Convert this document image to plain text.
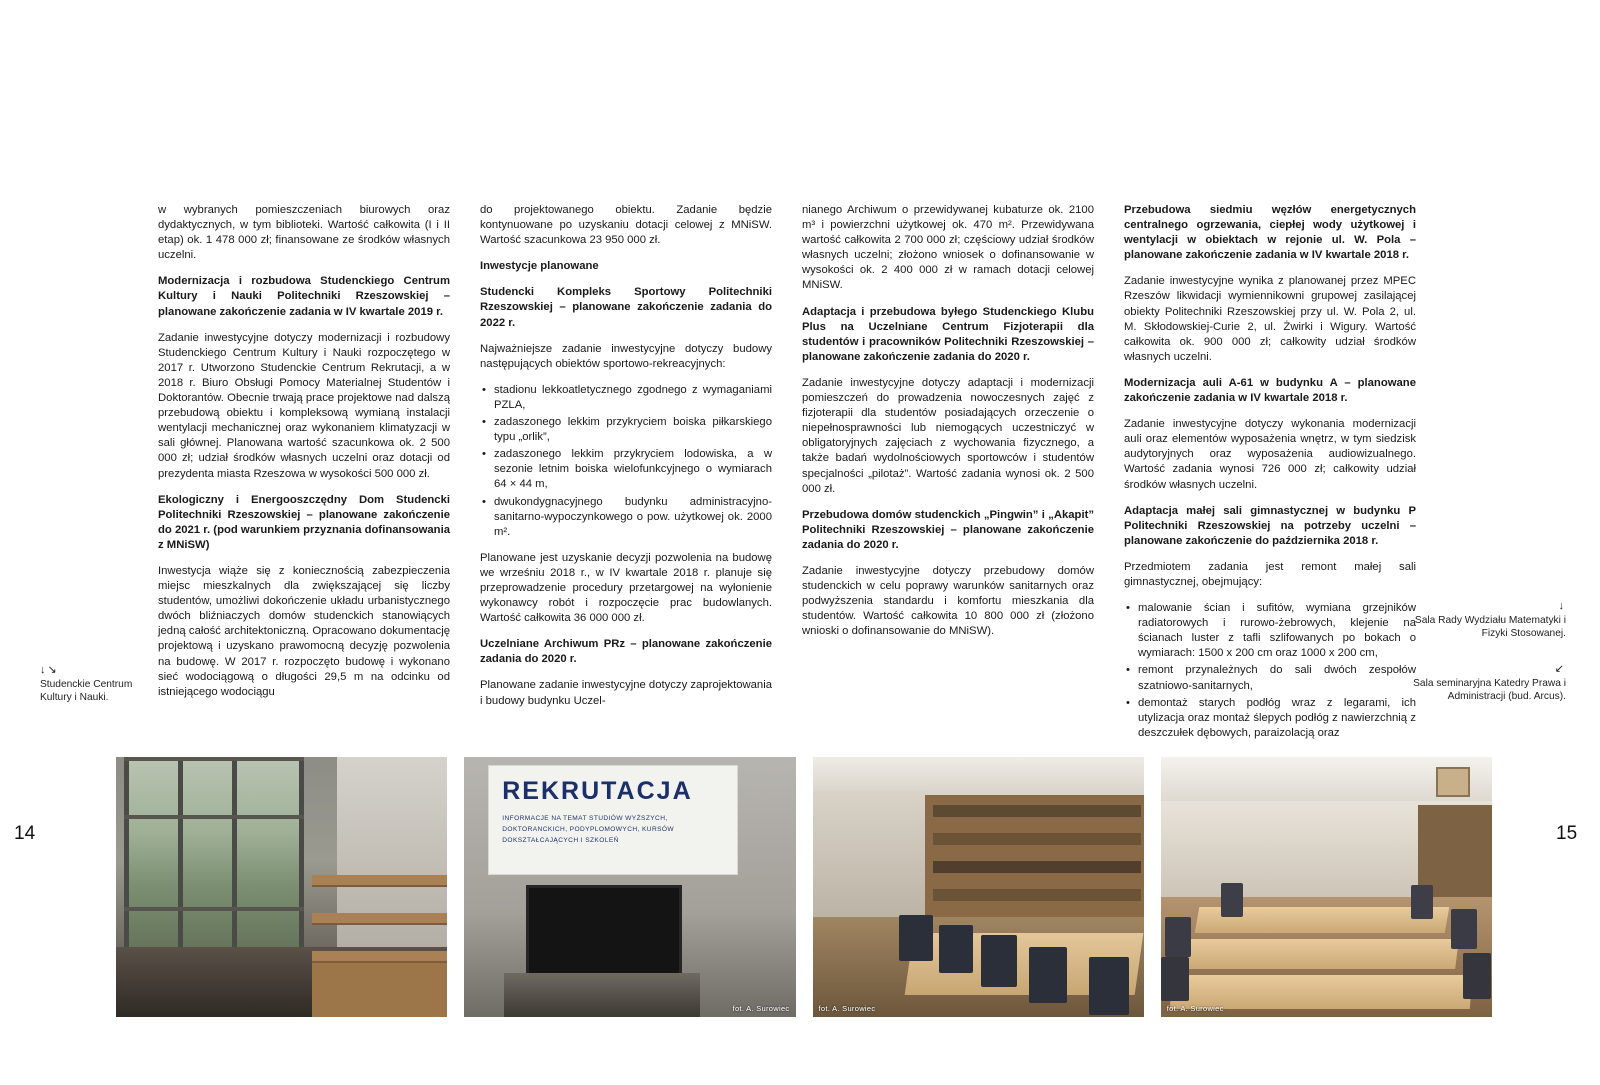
14	15

w wybranych pomieszczeniach biurowych oraz dydaktycznych, w tym biblioteki. Wartość całkowita (I i II etap) ok. 1 478 000 zł; finansowane ze środków własnych uczelni.

Modernizacja i rozbudowa Studenckiego Centrum Kultury i Nauki Politechniki Rzeszowskiej – planowane zakończenie zadania w IV kwartale 2019 r.

Zadanie inwestycyjne dotyczy modernizacji i rozbudowy Studenckiego Centrum Kultury i Nauki rozpoczętego w 2017 r. Utworzono Studenckie Centrum Rekrutacji, a w 2018 r. Biuro Obsługi Pomocy Materialnej Studentów i Doktorantów. Obecnie trwają prace projektowe nad dalszą przebudową obiektu i kompleksową wymianą instalacji wentylacji mechanicznej oraz wykonaniem klimatyzacji w sali głównej. Planowana wartość szacunkowa ok. 2 500 000 zł; udział środków własnych uczelni oraz dotacji od prezydenta miasta Rzeszowa w wysokości 500 000 zł.

Ekologiczny i Energooszczędny Dom Studencki Politechniki Rzeszowskiej – planowane zakończenie do 2021 r. (pod warunkiem przyznania dofinansowania z MNiSW)

Inwestycja wiąże się z koniecznością zabezpieczenia miejsc mieszkalnych dla zwiększającej się liczby studentów, umożliwi dokończenie układu urbanistycznego dwóch bliźniaczych domów studenckich stanowiących jedną całość architektoniczną. Opracowano dokumentację projektową i uzyskano prawomocną decyzję pozwolenia na budowę. W 2017 r. rozpoczęto budowę i wykonano sieć wodociągową o długości 29,5 m na odcinku od istniejącego wodociągu

do projektowanego obiektu. Zadanie będzie kontynuowane po uzyskaniu dotacji celowej z MNiSW. Wartość szacunkowa 23 950 000 zł.

Inwestycje planowane

Studencki Kompleks Sportowy Politechniki Rzeszowskiej – planowane zakończenie zadania do 2022 r.

Najważniejsze zadanie inwestycyjne dotyczy budowy następujących obiektów sportowo-rekreacyjnych:

• stadionu lekkoatletycznego zgodnego z wymaganiami PZLA,
• zadaszonego lekkim przykryciem boiska piłkarskiego typu „orlik”,
• zadaszonego lekkim przykryciem lodowiska, a w sezonie letnim boiska wielofunkcyjnego o wymiarach 64 × 44 m,
• dwukondygnacyjnego budynku administracyjno-sanitarno-wypoczynkowego o pow. użytkowej ok. 2000 m².

Planowane jest uzyskanie decyzji pozwolenia na budowę we wrześniu 2018 r., w IV kwartale 2018 r. planuje się przeprowadzenie procedury przetargowej na wyłonienie wykonawcy robót i rozpoczęcie prac budowlanych. Wartość całkowita 36 000 000 zł.

Uczelniane Archiwum PRz – planowane zakończenie zadania do 2020 r.

Planowane zadanie inwestycyjne dotyczy zaprojektowania i budowy budynku Uczel-

nianego Archiwum o przewidywanej kubaturze ok. 2100 m³ i powierzchni użytkowej ok. 470 m². Przewidywana wartość całkowita 2 700 000 zł; częściowy udział środków własnych uczelni; złożono wniosek o dofinansowanie w wysokości ok. 2 400 000 zł w ramach dotacji celowej MNiSW.

Adaptacja i przebudowa byłego Studenckiego Klubu Plus na Uczelniane Centrum Fizjoterapii dla studentów i pracowników Politechniki Rzeszowskiej – planowane zakończenie zadania do 2020 r.

Zadanie inwestycyjne dotyczy adaptacji i modernizacji pomieszczeń do prowadzenia nowoczesnych zajęć z fizjoterapii dla studentów posiadających orzeczenie o niepełnosprawności lub niemogących uczestniczyć w obligatoryjnych zajęciach z wychowania fizycznego, a także badań wydolnościowych sportowców i studentów specjalności „pilotaż”. Wartość zadania wynosi ok. 2 500 000 zł.

Przebudowa domów studenckich „Pingwin” i „Akapit” Politechniki Rzeszowskiej – planowane zakończenie zadania do 2020 r.

Zadanie inwestycyjne dotyczy przebudowy domów studenckich w celu poprawy warunków sanitarnych oraz podwyższenia standardu i komfortu mieszkania dla studentów. Wartość całkowita 10 800 000 zł (złożono wnioski o dofinansowanie do MNiSW).

Przebudowa siedmiu węzłów energetycznych centralnego ogrzewania, ciepłej wody użytkowej i wentylacji w obiektach w rejonie ul. W. Pola – planowane zakończenie zadania w IV kwartale 2018 r.

Zadanie inwestycyjne wynika z planowanej przez MPEC Rzeszów likwidacji wymiennikowni grupowej zasilającej obiekty Politechniki Rzeszowskiej przy ul. W. Pola 2, ul. M. Skłodowskiej-Curie 2, ul. Żwirki i Wigury. Wartość całkowita ok. 900 000 zł; całkowity udział środków własnych uczelni.

Modernizacja auli A-61 w budynku A – planowane zakończenie zadania w IV kwartale 2018 r.

Zadanie inwestycyjne dotyczy wykonania modernizacji auli oraz elementów wyposażenia wnętrz, w tym siedzisk audytoryjnych oraz wyposażenia audiowizualnego. Wartość zadania wynosi 726 000 zł; całkowity udział środków własnych uczelni.

Adaptacja małej sali gimnastycznej w budynku P Politechniki Rzeszowskiej na potrzeby uczelni – planowane zakończenie do października 2018 r.

Przedmiotem zadania jest remont małej sali gimnastycznej, obejmujący:

• malowanie ścian i sufitów, wymiana grzejników radiatorowych i rurowo-żebrowych, klejenie na ścianach luster z tafli szlifowanych po bokach o wymiarach: 1500 x 200 cm oraz 1000 x 200 cm,
• remont przynależnych do sali dwóch zespołów szatniowo-sanitarnych,
• demontaż starych podłóg wraz z legarami, ich utylizacja oraz montaż ślepych podłóg z nawierzchnią z deszczułek dębowych, paraizolacją oraz
↓↘
Studenckie Centrum Kultury i Nauki.
↓
Sala Rady Wydziału Matematyki i Fizyki Stosowanej.
↙
Sala seminaryjna Katedry Prawa i Administracji (bud. Arcus).
REKRUTACJA
INFORMACJE NA TEMAT STUDIÓW WYŻSZYCH, DOKTORANCKICH, PODYPLOMOWYCH, KURSÓW DOKSZTAŁCAJĄCYCH I SZKOLEŃ
fot. A. Surowiec	fot. A. Surowiec	fot. A. Surowiec
